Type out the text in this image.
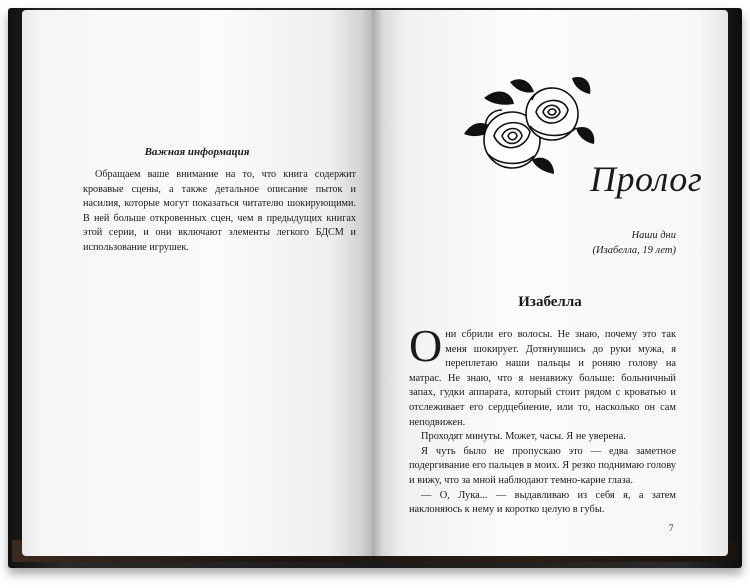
Важная информация
Обращаем ваше внимание на то, что книга содержит кровавые сцены, а также детальное описание пыток и насилия, которые могут показаться читателю шокирующими. В ней больше откровенных сцен, чем в предыдущих книгах этой серии, и они включают элементы легкого БДСМ и использование игрушек.
Пролог
Наши дни
(Изабелла, 19 лет)
Изабелла
О ни сбрили его волосы. Не знаю, почему это так меня шокирует. Дотянувшись до руки мужа, я переплетаю наши пальцы и роняю голову на матрас. Не знаю, что я ненавижу больше: больничный запах, гудки аппарата, который стоит рядом с кроватью и отслеживает его сердцебиение, или то, насколько он сам неподвижен.

Проходят минуты. Может, часы. Я не уверена.

Я чуть было не пропускаю это — едва заметное подергивание его пальцев в моих. Я резко поднимаю голову и вижу, что за мной наблюдают темно-карие глаза.

— О, Лука... — выдавливаю из себя я, а затем наклоняюсь к нему и коротко целую в губы.

7
